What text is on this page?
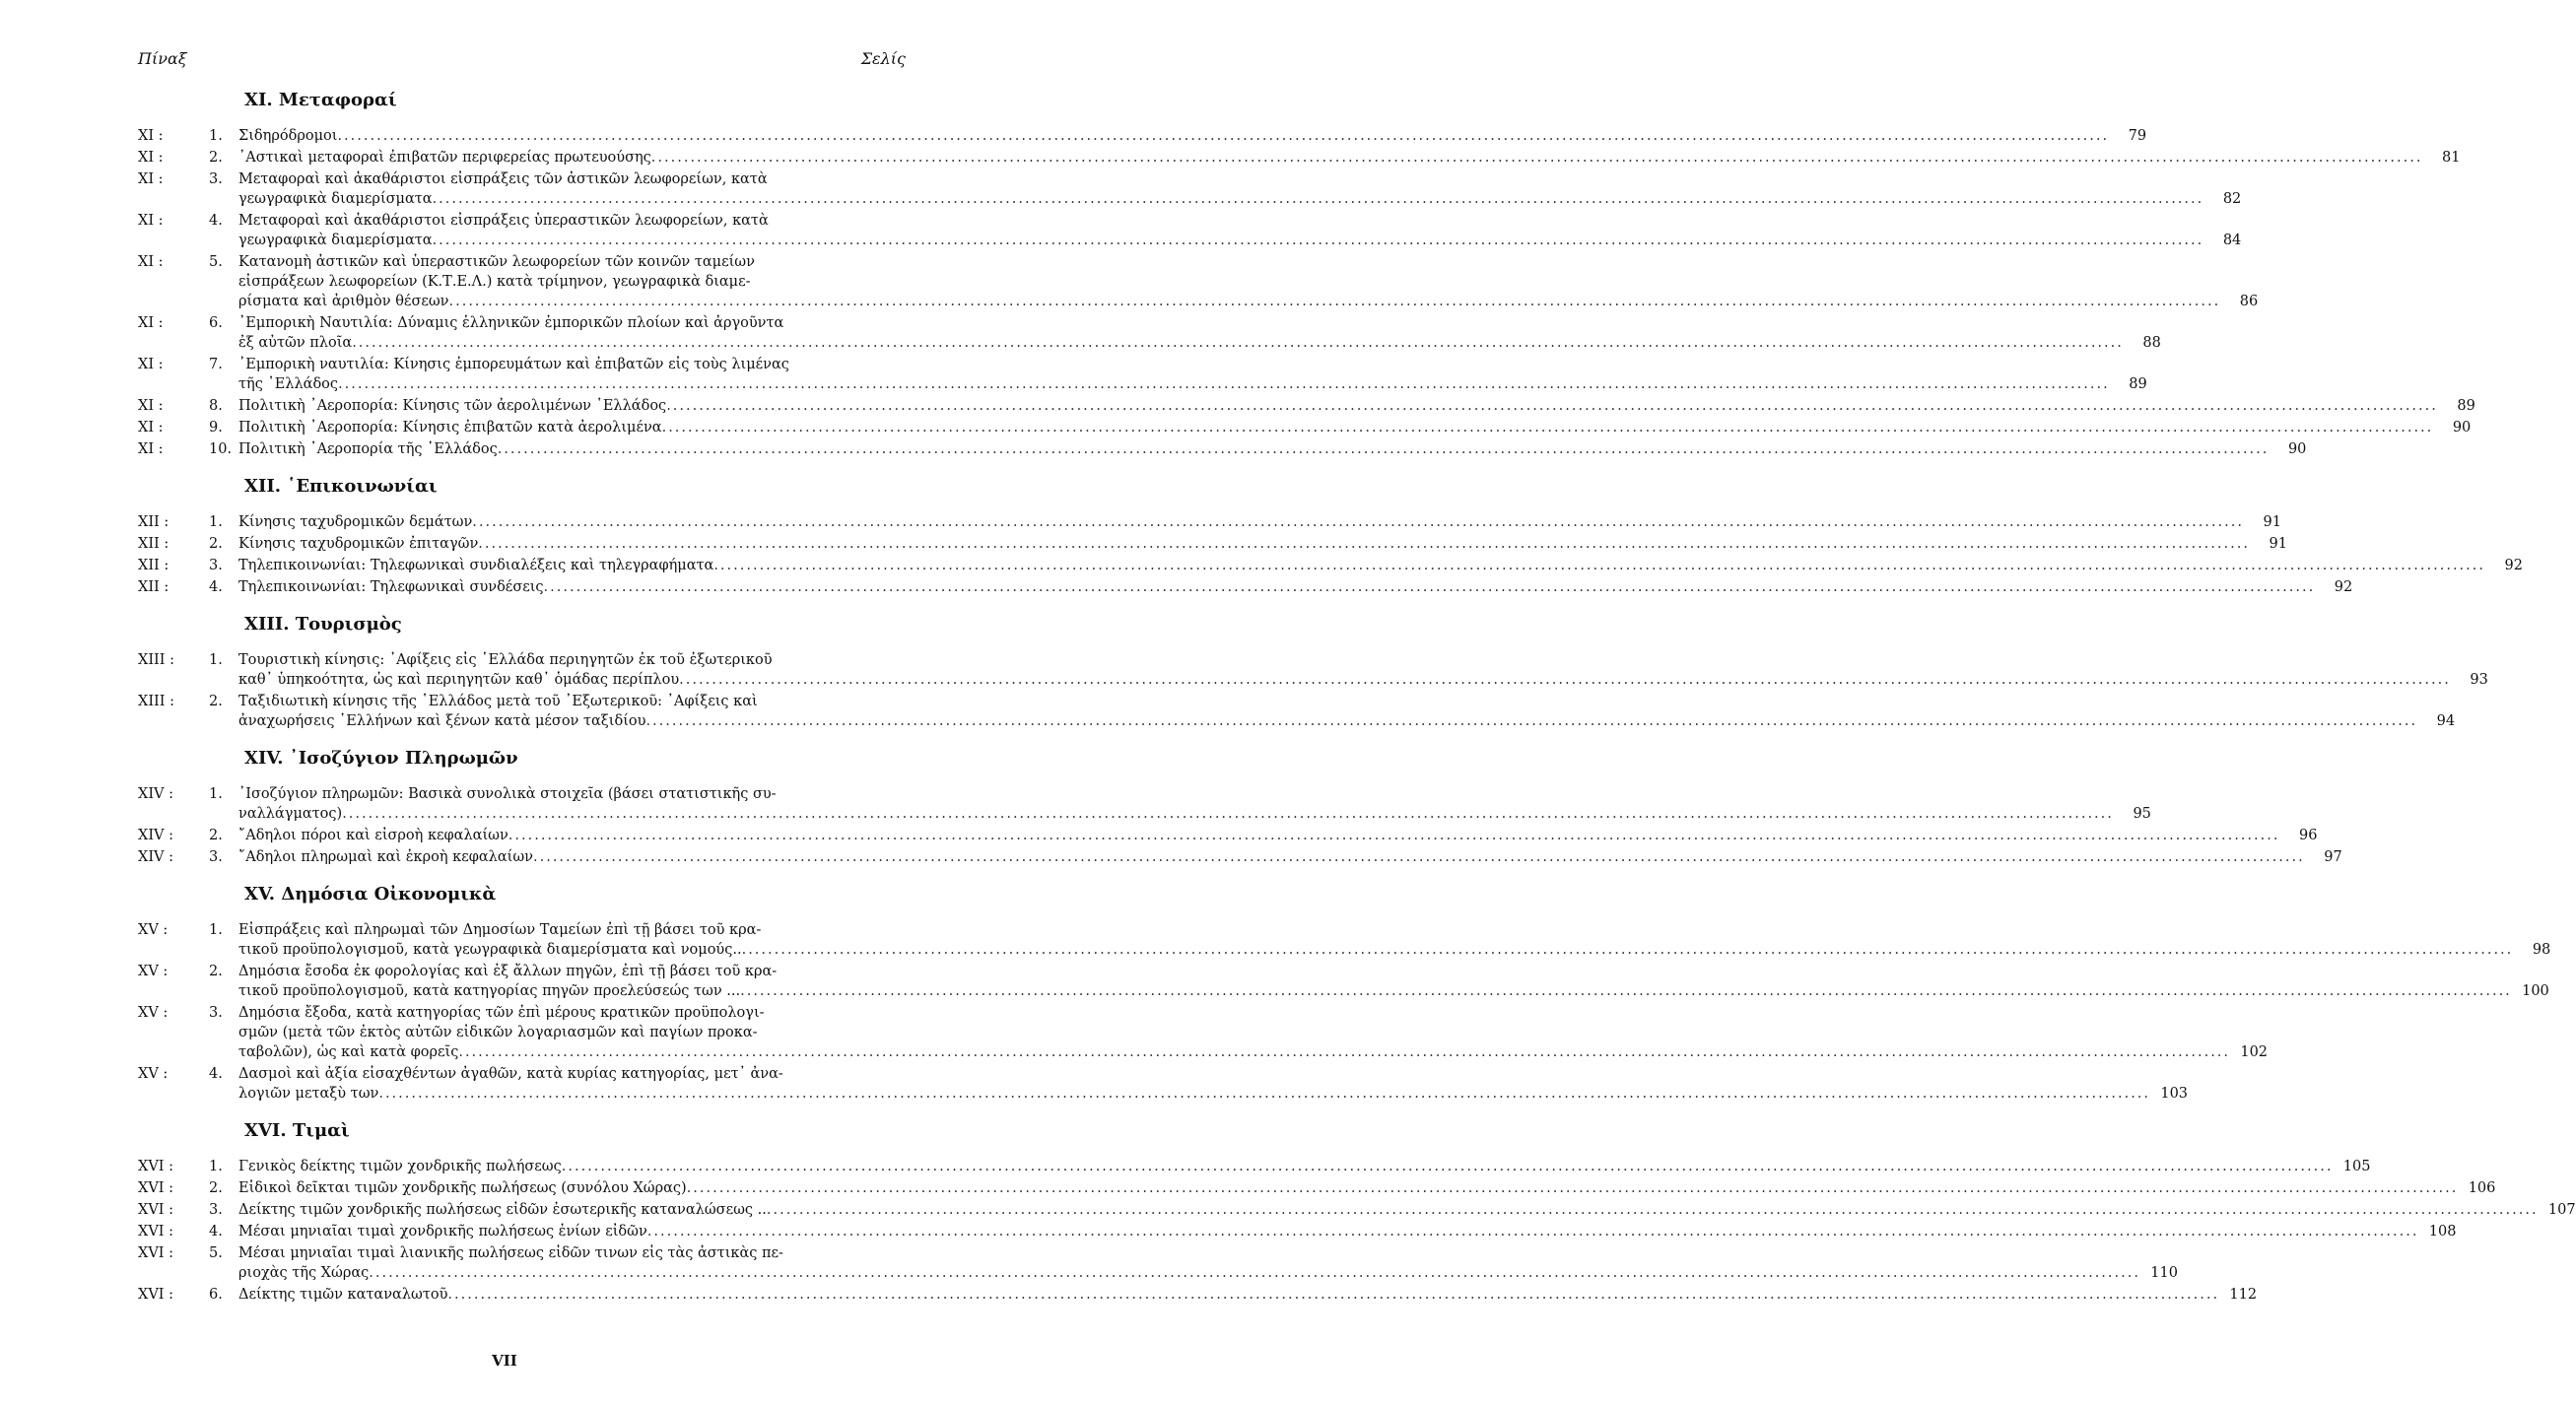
Πίναξ	Σελίς
XI. Μεταφοραί
XI :	1.	Σιδηρόδρομοι .....	79
XI :	2.	᾿Αστικαὶ μεταφοραὶ ἐπιβατῶν περιφερείας πρωτευούσης .....	81
XI :	3.	Μεταφοραὶ καὶ ἀκαθάριστοι εἰσπράξεις τῶν ἀστικῶν λεωφορείων, κατὰ
γεωγραφικὰ διαμερίσματα .....	82
XI :	4.	Μεταφοραὶ καὶ ἀκαθάριστοι εἰσπράξεις ὑπεραστικῶν λεωφορείων, κατὰ
γεωγραφικὰ διαμερίσματα .....	84
XI :	5.	Κατανομὴ ἀστικῶν καὶ ὑπεραστικῶν λεωφορείων τῶν κοινῶν ταμείων
εἰσπράξεων λεωφορείων (Κ.Τ.Ε.Λ.) κατὰ τρίμηνον, γεωγραφικὰ διαμε-
ρίσματα καὶ ἀριθμὸν θέσεων .....	86
XI :	6.	᾿Εμπορικὴ Ναυτιλία: Δύναμις ἑλληνικῶν ἐμπορικῶν πλοίων καὶ ἀργοῦντα
ἐξ αὐτῶν πλοῖα .....	88
XI :	7.	᾿Εμπορικὴ ναυτιλία: Κίνησις ἐμπορευμάτων καὶ ἐπιβατῶν εἰς τοὺς λιμένας
τῆς ῾Ελλάδος .....	89
XI :	8.	Πολιτικὴ ᾿Αεροπορία: Κίνησις τῶν ἀερολιμένων ῾Ελλάδος .....	89
XI :	9.	Πολιτικὴ ᾿Αεροπορία: Κίνησις ἐπιβατῶν κατὰ ἀερολιμένα .....	90
XI :	10. Πολιτικὴ ᾿Αεροπορία τῆς ῾Ελλάδος .....	90
XII. ῾Επικοινωνίαι
XII :	1.	Κίνησις ταχυδρομικῶν δεμάτων .....	91
XII :	2.	Κίνησις ταχυδρομικῶν ἐπιταγῶν .....	91
XII :	3.	Τηλεπικοινωνίαι: Τηλεφωνικαὶ συνδιαλέξεις καὶ τηλεγραφήματα .....	92
XII :	4.	Τηλεπικοινωνίαι: Τηλεφωνικαὶ συνδέσεις .....	92
XIII. Τουρισμὸς
XIII :	1.	Τουριστικὴ κίνησις: ᾿Αφίξεις εἰς ῾Ελλάδα περιηγητῶν ἐκ τοῦ ἐξωτερικοῦ
καθ᾿ ὑπηκοότητα, ὡς καὶ περιηγητῶν καθ᾿ ὁμάδας περίπλου .....	93
XIII :	2.	Ταξιδιωτικὴ κίνησις τῆς ῾Ελλάδος μετὰ τοῦ ᾿Εξωτερικοῦ: ᾿Αφίξεις καὶ
ἀναχωρήσεις ῾Ελλήνων καὶ ξένων κατὰ μέσον ταξιδίου .....	94
XIV. ᾿Ισοζύγιον Πληρωμῶν
XIV :	1.	᾿Ισοζύγιον πληρωμῶν: Βασικὰ συνολικὰ στοιχεῖα (βάσει στατιστικῆς συ-
ναλλάγματος) .....	95
XIV :	2.	῎Αδηλοι πόροι καὶ εἰσροὴ κεφαλαίων .....	96
XIV :	3.	῎Αδηλοι πληρωμαὶ καὶ ἐκροὴ κεφαλαίων .....	97
XV. Δημόσια Οἰκονομικὰ
XV :	1.	Εἰσπράξεις καὶ πληρωμαὶ τῶν Δημοσίων Ταμείων ἐπὶ τῇ βάσει τοῦ κρα-
τικοῦ προϋπολογισμοῦ, κατὰ γεωγραφικὰ διαμερίσματα καὶ νομούς.. .....	98
XV :	2.	Δημόσια ἔσοδα ἐκ φορολογίας καὶ ἐξ ἄλλων πηγῶν, ἐπὶ τῇ βάσει τοῦ κρα-
τικοῦ προϋπολογισμοῦ, κατὰ κατηγορίας πηγῶν προελεύσεώς των ... .....	100
XV :	3.	Δημόσια ἔξοδα, κατὰ κατηγορίας τῶν ἐπὶ μέρους κρατικῶν προϋπολογι-
σμῶν (μετὰ τῶν ἐκτὸς αὐτῶν εἰδικῶν λογαριασμῶν καὶ παγίων προκα-
ταβολῶν), ὡς καὶ κατὰ φορεῖς .....	102
XV :	4.	Δασμοὶ καὶ ἀξία εἰσαχθέντων ἀγαθῶν, κατὰ κυρίας κατηγορίας, μετ᾿ ἀνα-
λογιῶν μεταξὺ των .....	103
XVI. Τιμαὶ
XVI :	1.	Γενικὸς δείκτης τιμῶν χονδρικῆς πωλήσεως .....	105
XVI :	2.	Εἰδικοὶ δεῖκται τιμῶν χονδρικῆς πωλήσεως (συνόλου Χώρας) .....	106
XVI :	3.	Δείκτης τιμῶν χονδρικῆς πωλήσεως εἰδῶν ἐσωτερικῆς καταναλώσεως .. .....	107
XVI :	4.	Μέσαι μηνιαῖαι τιμαὶ χονδρικῆς πωλήσεως ἐνίων εἰδῶν .....	108
XVI :	5.	Μέσαι μηνιαῖαι τιμαὶ λιανικῆς πωλήσεως εἰδῶν τινων εἰς τὰς ἀστικὰς πε-
ριοχὰς τῆς Χώρας .....	110
XVI :	6.	Δείκτης τιμῶν καταναλωτοῦ .....	112
VII
